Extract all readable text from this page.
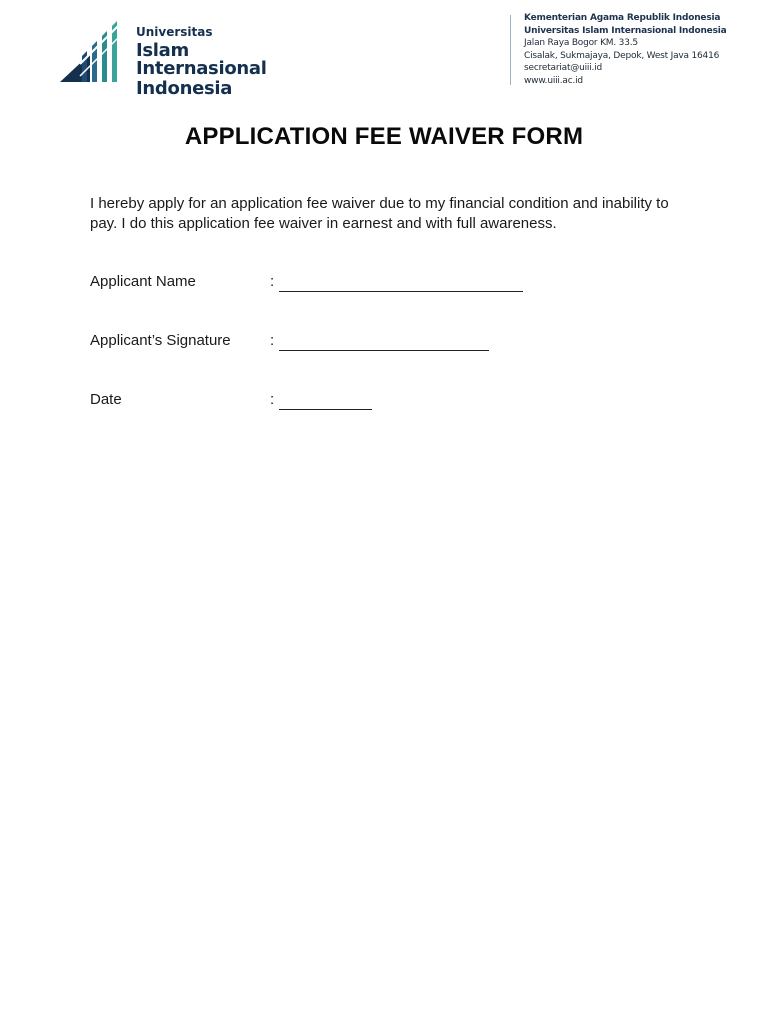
Universitas
Islam Internasional
Indonesia
Kementerian Agama Republik Indonesia
Universitas Islam Internasional Indonesia
Jalan Raya Bogor KM. 33.5
Cisalak, Sukmajaya, Depok, West Java 16416
secretariat@uiii.id
www.uiii.ac.id
APPLICATION FEE WAIVER FORM
I hereby apply for an application fee waiver due to my financial condition and inability to pay. I do this application fee waiver in earnest and with full awareness.
Applicant Name	:
Applicant’s Signature	:
Date	:
